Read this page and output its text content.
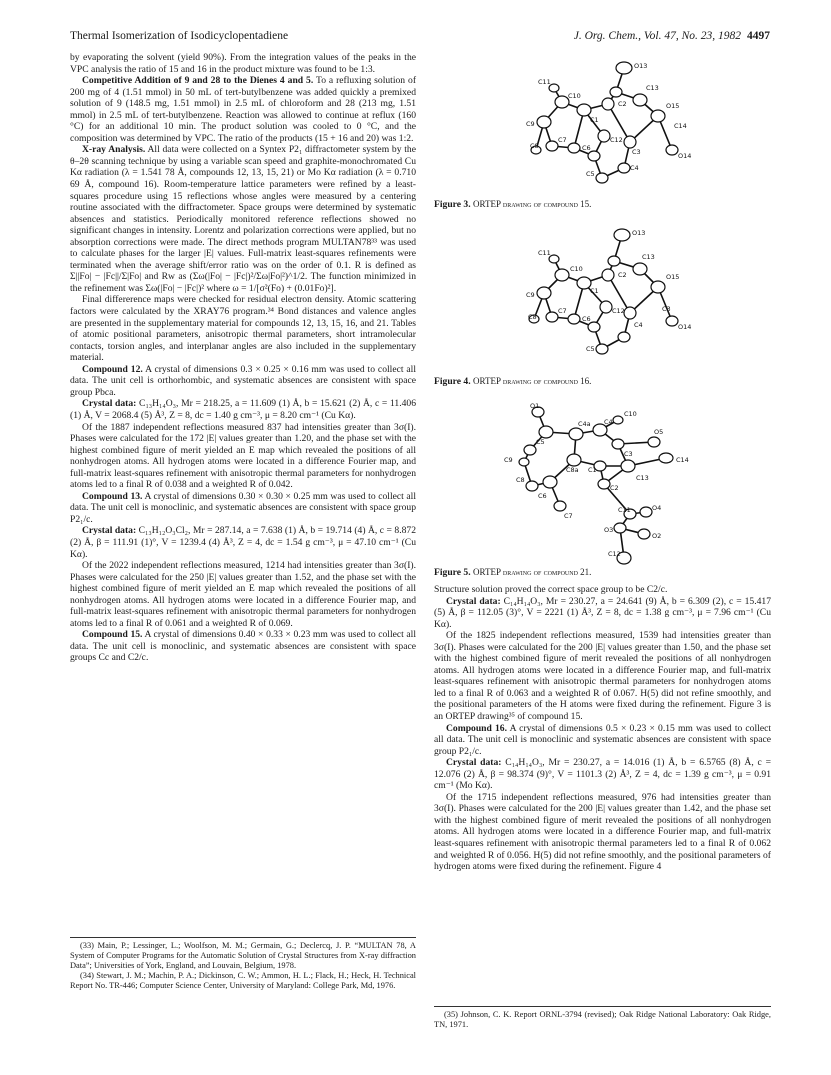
Thermal Isomerization of Isodicyclopentadiene	J. Org. Chem., Vol. 47, No. 23, 1982 4497

by evaporating the solvent (yield 90%). From the integration values of the peaks in the VPC analysis the ratio of 15 and 16 in the product mixture was found to be 1:3.

Competitive Addition of 9 and 28 to the Dienes 4 and 5. To a refluxing solution of 200 mg of 4 (1.51 mmol) in 50 mL of tert-butylbenzene was added quickly a premixed solution of 9 (148.5 mg, 1.51 mmol) in 2.5 mL of chloroform and 28 (213 mg, 1.51 mmol) in 2.5 mL of tert-butylbenzene. Reaction was allowed to continue at reflux (160 °C) for an additional 10 min. The product solution was cooled to 0 °C, and the composition was determined by VPC. The ratio of the products (15 + 16 and 20) was 1:2.

X-ray Analysis. All data were collected on a Syntex P2₁ diffractometer system by the θ–2θ scanning technique by using a variable scan speed and graphite-monochromated Cu Kα radiation (λ = 1.541 78 Å, compounds 12, 13, 15, 21) or Mo Kα radiation (λ = 0.710 69 Å, compound 16). Room-temperature lattice parameters were refined by a least-squares procedure using 15 reflections whose angles were measured by a centering routine associated with the diffractometer. Space groups were determined by systematic absences and statistics. Periodically monitored reference reflections showed no significant changes in intensity. Lorentz and polarization corrections were applied, but no absorption corrections were made. The direct methods program MULTAN78³³ was used to calculate phases for the larger |E| values. Full-matrix least-squares refinements were terminated when the average shift/error ratio was on the order of 0.1. R is defined as Σ||Fo| − |Fc||/Σ|Fo| and Rw as (Σω(|Fo| − |Fc|)²/Σω|Fo|²)^1/2. The function minimized in the refinement was Σω(|Fo| − |Fc|)² where ω = 1/[σ²(Fo) + (0.01Fo)²].

Final differerence maps were checked for residual electron density. Atomic scattering factors were calculated by the XRAY76 program.³⁴ Bond distances and valence angles are presented in the supplementary material for compounds 12, 13, 15, 16, and 21. Tables of atomic positional parameters, anisotropic thermal parameters, short intramolecular contacts, torsion angles, and interplanar angles are also included in the supplementary material.

Compound 12. A crystal of dimensions 0.3 × 0.25 × 0.16 mm was used to collect all data. The unit cell is orthorhombic, and systematic absences are consistent with space group Pbca.

Crystal data: C₁₃H₁₄O₃, Mr = 218.25, a = 11.609 (1) Å, b = 15.621 (2) Å, c = 11.406 (1) Å, V = 2068.4 (5) Å³, Z = 8, dc = 1.40 g cm⁻³, μ = 8.20 cm⁻¹ (Cu Kα).

Of the 1887 independent reflections measured 837 had intensities greater than 3σ(I). Phases were calculated for the 172 |E| values greater than 1.20, and the phase set with the highest combined figure of merit yielded an E map which revealed the positions of all nonhydrogen atoms. All hydrogen atoms were located in a difference Fourier map, and full-matrix least-squares refinement with anisotropic thermal parameters for nonhydrogen atoms led to a final R of 0.038 and a weighted R of 0.042.

Compound 13. A crystal of dimensions 0.30 × 0.30 × 0.25 mm was used to collect all data. The unit cell is monoclinic, and systematic absences are consistent with space group P2₁/c.

Crystal data: C₁₃H₁₂O₃Cl₂, Mr = 287.14, a = 7.638 (1) Å, b = 19.714 (4) Å, c = 8.872 (2) Å, β = 111.91 (1)°, V = 1239.4 (4) Å³, Z = 4, dc = 1.54 g cm⁻³, μ = 47.10 cm⁻¹ (Cu Kα).

Of the 2022 independent reflections measured, 1214 had intensities greater than 3σ(I). Phases were calculated for the 250 |E| values greater than 1.52, and the phase set with the highest combined figure of merit yielded an E map which revealed the positions of all nonhydrogen atoms. All hydrogen atoms were located in a difference Fourier map, and full-matrix least-squares refinement with anisotropic thermal parameters for nonhydrogen atoms led to a final R of 0.061 and a weighted R of 0.069.

Compound 15. A crystal of dimensions 0.40 × 0.33 × 0.23 mm was used to collect all data. The unit cell is monoclinic, and systematic absences are consistent with space groups Cc and C2/c.

(33) Main, P.; Lessinger, L.; Woolfson, M. M.; Germain, G.; Declercq, J. P. “MULTAN 78, A System of Computer Programs for the Automatic Solution of Crystal Structures from X-ray diffraction Data”; Universities of York, England, and Louvain, Belgium, 1978.

(34) Stewart, J. M.; Machin, P. A.; Dickinson, C. W.; Ammon, H. L.; Flack, H.; Heck, H. Technical Report No. TR-446; Computer Science Center, University of Maryland: College Park, Md, 1976.

O13
C11
C13
C10
C2	O15
C1
C9	C14
C7	C12
C8	C6	C3	O14
C4
C5
Figure 3. ORTEP drawing of compound 15.
O13
C11	C13
C10
C2	O15
C1
C9
C7	C12
C8	C6
C3
C4	O14
C5
Figure 4. ORTEP drawing of compound 16.
O1
C10
C4a C4
C5
O5
C9
C3
C14
C8a C1
C8	C13
C2
C6
C7
C11	O4
O3
O2
C12
Figure 5. ORTEP drawing of compound 21.

Structure solution proved the correct space group to be C2/c.

Crystal data: C₁₄H₁₄O₃, Mr = 230.27, a = 24.641 (9) Å, b = 6.309 (2), c = 15.417 (5) Å, β = 112.05 (3)°, V = 2221 (1) Å³, Z = 8, dc = 1.38 g cm⁻³, μ = 7.96 cm⁻¹ (Cu Kα).

Of the 1825 independent reflections measured, 1539 had intensities greater than 3σ(I). Phases were calculated for the 200 |E| values greater than 1.50, and the phase set with the highest combined figure of merit revealed the positions of all nonhydrogen atoms. All hydrogen atoms were located in a difference Fourier map, and full-matrix least-squares refinement with anisotropic thermal parameters for nonhydrogen atoms led to a final R of 0.063 and a weighted R of 0.067. H(5) did not refine smoothly, and the positional parameters of the H atoms were fixed during the refinement. Figure 3 is an ORTEP drawing³⁵ of compound 15.

Compound 16. A crystal of dimensions 0.5 × 0.23 × 0.15 mm was used to collect all data. The unit cell is monoclinic and systematic absences are consistent with space group P2₁/c.

Crystal data: C₁₄H₁₄O₃, Mr = 230.27, a = 14.016 (1) Å, b = 6.5765 (8) Å, c = 12.076 (2) Å, β = 98.374 (9)°, V = 1101.3 (2) Å³, Z = 4, dc = 1.39 g cm⁻³, μ = 0.91 cm⁻¹ (Mo Kα).

Of the 1715 independent reflections measured, 976 had intensities greater than 3σ(I). Phases were calculated for the 200 |E| values greater than 1.42, and the phase set with the highest combined figure of merit revealed the positions of all nonhydrogen atoms. All hydrogen atoms were located in a difference Fourier map, and full-matrix least-squares refinement with anisotropic thermal parameters led to a final R of 0.062 and weighted R of 0.056. H(5) did not refine smoothly, and the positional parameters of hydrogen atoms were fixed during the refinement. Figure 4

(35) Johnson, C. K. Report ORNL-3794 (revised); Oak Ridge National Laboratory: Oak Ridge, TN, 1971.
